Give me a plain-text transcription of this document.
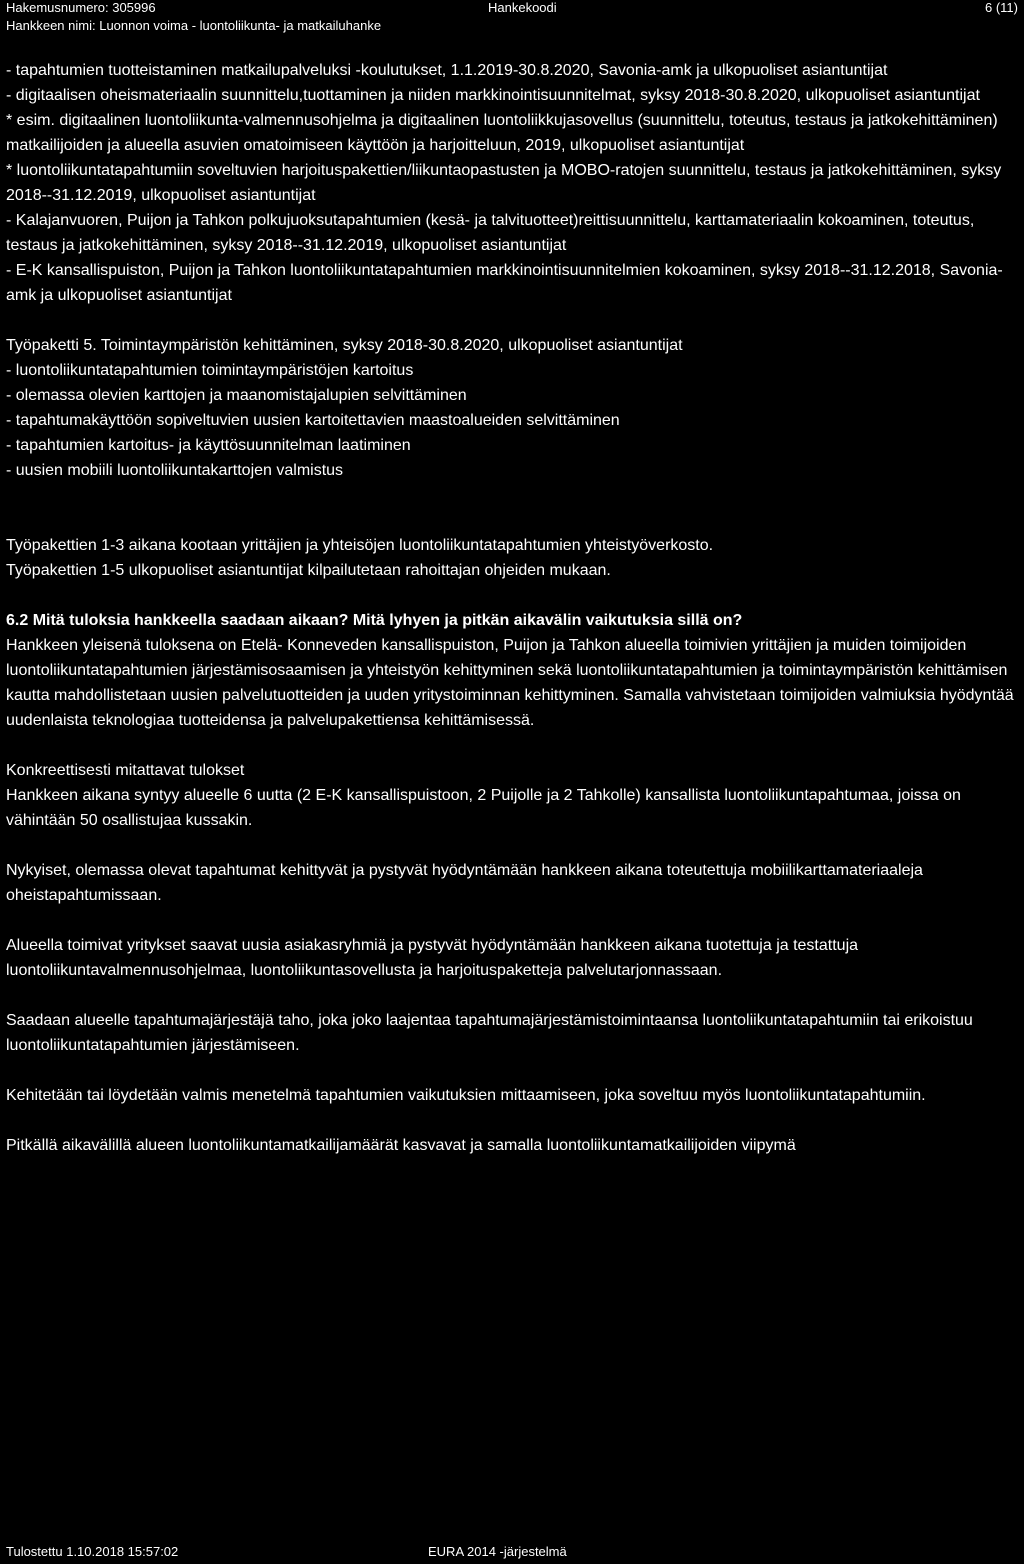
Hakemusnumero: 305996
Hankkeen nimi: Luonnon voima - luontoliikunta- ja matkailuhanke
Hankekoodi	6 (11)

- tapahtumien tuotteistaminen matkailupalveluksi -koulutukset, 1.1.2019-30.8.2020, Savonia-amk ja ulkopuoliset asiantuntijat

- digitaalisen oheismateriaalin suunnittelu,tuottaminen ja niiden markkinointisuunnitelmat, syksy 2018-30.8.2020, ulkopuoliset asiantuntijat

* esim. digitaalinen luontoliikunta-valmennusohjelma ja digitaalinen luontoliikkujasovellus (suunnittelu, toteutus, testaus ja jatkokehittäminen) matkailijoiden ja alueella asuvien omatoimiseen käyttöön ja harjoitteluun, 2019, ulkopuoliset asiantuntijat

* luontoliikuntatapahtumiin soveltuvien harjoituspakettien/liikuntaopastusten ja MOBO-ratojen suunnittelu, testaus ja jatkokehittäminen, syksy 2018--31.12.2019, ulkopuoliset asiantuntijat

- Kalajanvuoren, Puijon ja Tahkon polkujuoksutapahtumien (kesä- ja talvituotteet)reittisuunnittelu, karttamateriaalin kokoaminen, toteutus, testaus ja jatkokehittäminen, syksy 2018--31.12.2019, ulkopuoliset asiantuntijat

- E-K kansallispuiston, Puijon ja Tahkon luontoliikuntatapahtumien markkinointisuunnitelmien kokoaminen, syksy 2018--31.12.2018, Savonia-amk ja ulkopuoliset asiantuntijat

Työpaketti 5. Toimintaympäristön kehittäminen, syksy 2018-30.8.2020, ulkopuoliset asiantuntijat

- luontoliikuntatapahtumien toimintaympäristöjen kartoitus

- olemassa olevien karttojen ja maanomistajalupien selvittäminen

- tapahtumakäyttöön sopiveltuvien uusien kartoitettavien maastoalueiden selvittäminen

- tapahtumien kartoitus- ja käyttösuunnitelman laatiminen

- uusien mobiili luontoliikuntakarttojen valmistus

Työpakettien 1-3 aikana kootaan yrittäjien ja yhteisöjen luontoliikuntatapahtumien yhteistyöverkosto.

Työpakettien 1-5 ulkopuoliset asiantuntijat kilpailutetaan rahoittajan ohjeiden mukaan.

6.2 Mitä tuloksia hankkeella saadaan aikaan? Mitä lyhyen ja pitkän aikavälin vaikutuksia sillä on?

Hankkeen yleisenä tuloksena on Etelä- Konneveden kansallispuiston, Puijon ja Tahkon alueella toimivien yrittäjien ja muiden toimijoiden luontoliikuntatapahtumien järjestämisosaamisen ja yhteistyön kehittyminen sekä luontoliikuntatapahtumien ja toimintaympäristön kehittämisen kautta mahdollistetaan uusien palvelutuotteiden ja uuden yritystoiminnan kehittyminen. Samalla vahvistetaan toimijoiden valmiuksia hyödyntää uudenlaista teknologiaa tuotteidensa ja palvelupakettiensa kehittämisessä.

Konkreettisesti mitattavat tulokset

Hankkeen aikana syntyy alueelle 6 uutta (2 E-K kansallispuistoon, 2 Puijolle ja 2 Tahkolle) kansallista luontoliikuntapahtumaa, joissa on vähintään 50 osallistujaa kussakin.

Nykyiset, olemassa olevat tapahtumat kehittyvät ja pystyvät hyödyntämään hankkeen aikana toteutettuja mobiilikarttamateriaaleja oheistapahtumissaan.

Alueella toimivat yritykset saavat uusia asiakasryhmiä ja pystyvät hyödyntämään hankkeen aikana tuotettuja ja testattuja luontoliikuntavalmennusohjelmaa, luontoliikuntasovellusta ja harjoituspaketteja palvelutarjonnassaan.

Saadaan alueelle tapahtumajärjestäjä taho, joka joko laajentaa tapahtumajärjestämistoimintaansa luontoliikuntatapahtumiin tai erikoistuu luontoliikuntatapahtumien järjestämiseen.

Kehitetään tai löydetään valmis menetelmä tapahtumien vaikutuksien mittaamiseen, joka soveltuu myös luontoliikuntatapahtumiin.

Pitkällä aikavälillä alueen luontoliikuntamatkailijamäärät kasvavat ja samalla luontoliikuntamatkailijoiden viipymä

Tulostettu 1.10.2018 15:57:02	EURA 2014 -järjestelmä
